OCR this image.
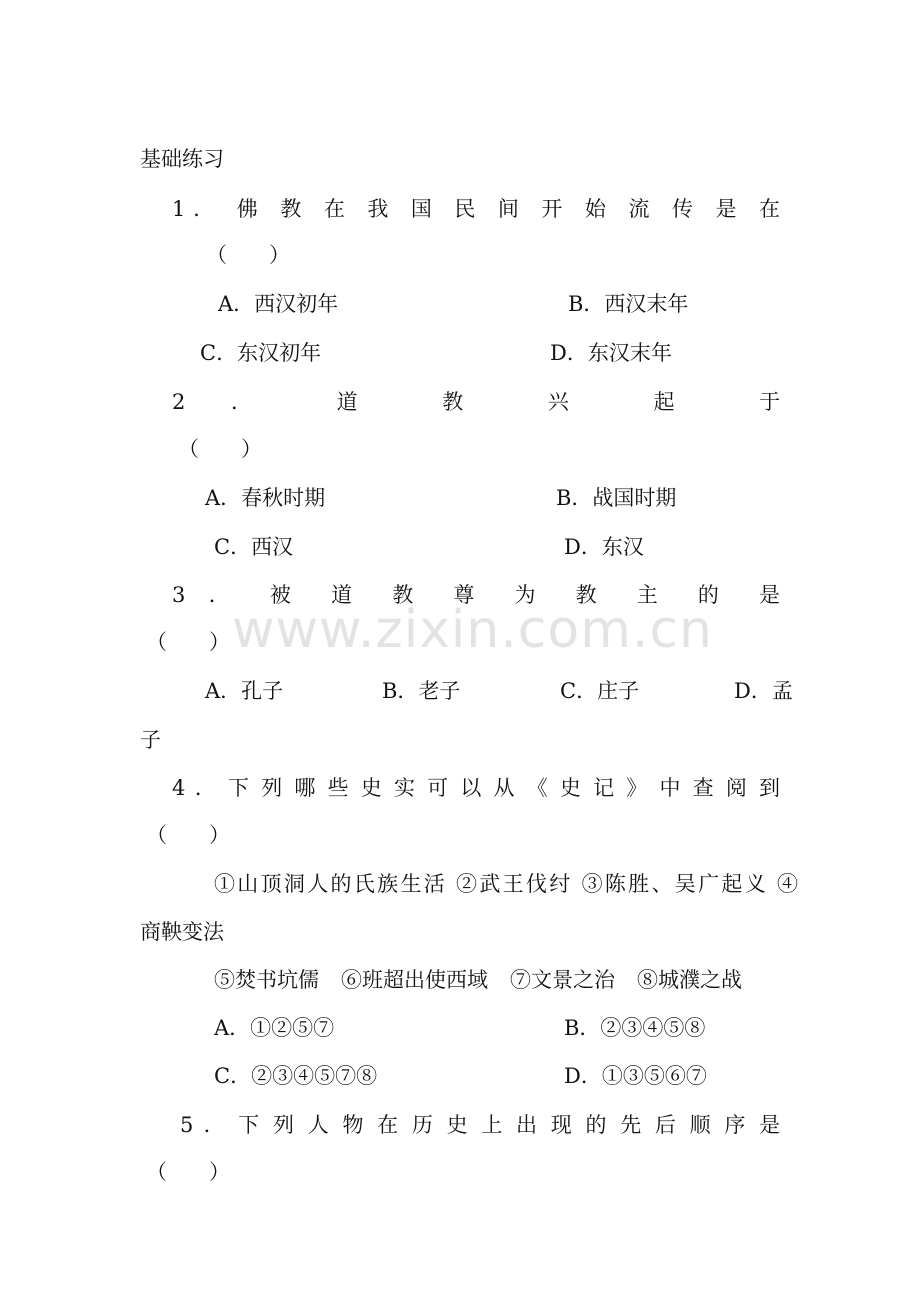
基础练习
1． 佛 教 在 我 国 民 间 开 始 流 传 是 在
（　　）
A．西汉初年	B．西汉末年
C．东汉初年	D．东汉末年
2 ． 道 教 兴 起 于
（　　）
A．春秋时期	B．战国时期
C．西汉	D．东汉
3 ． 被 道 教 尊 为 教 主 的 是
（　　）
A．孔子	B．老子	C．庄子	D．孟
子
4 ． 下 列 哪 些 史 实 可 以 从 《 史 记 》 中 查 阅 到
（　　）
①山顶洞人的氏族生活 ②武王伐纣 ③陈胜、吴广起义 ④
商鞅变法
⑤焚书坑儒 ⑥班超出使西域 ⑦文景之治 ⑧城濮之战
A．①②⑤⑦	B．②③④⑤⑧
C．②③④⑤⑦⑧	D．①③⑤⑥⑦
5 ． 下 列 人 物 在 历 史 上 出 现 的 先 后 顺 序 是
（　　）
www.zixin.com.cn
